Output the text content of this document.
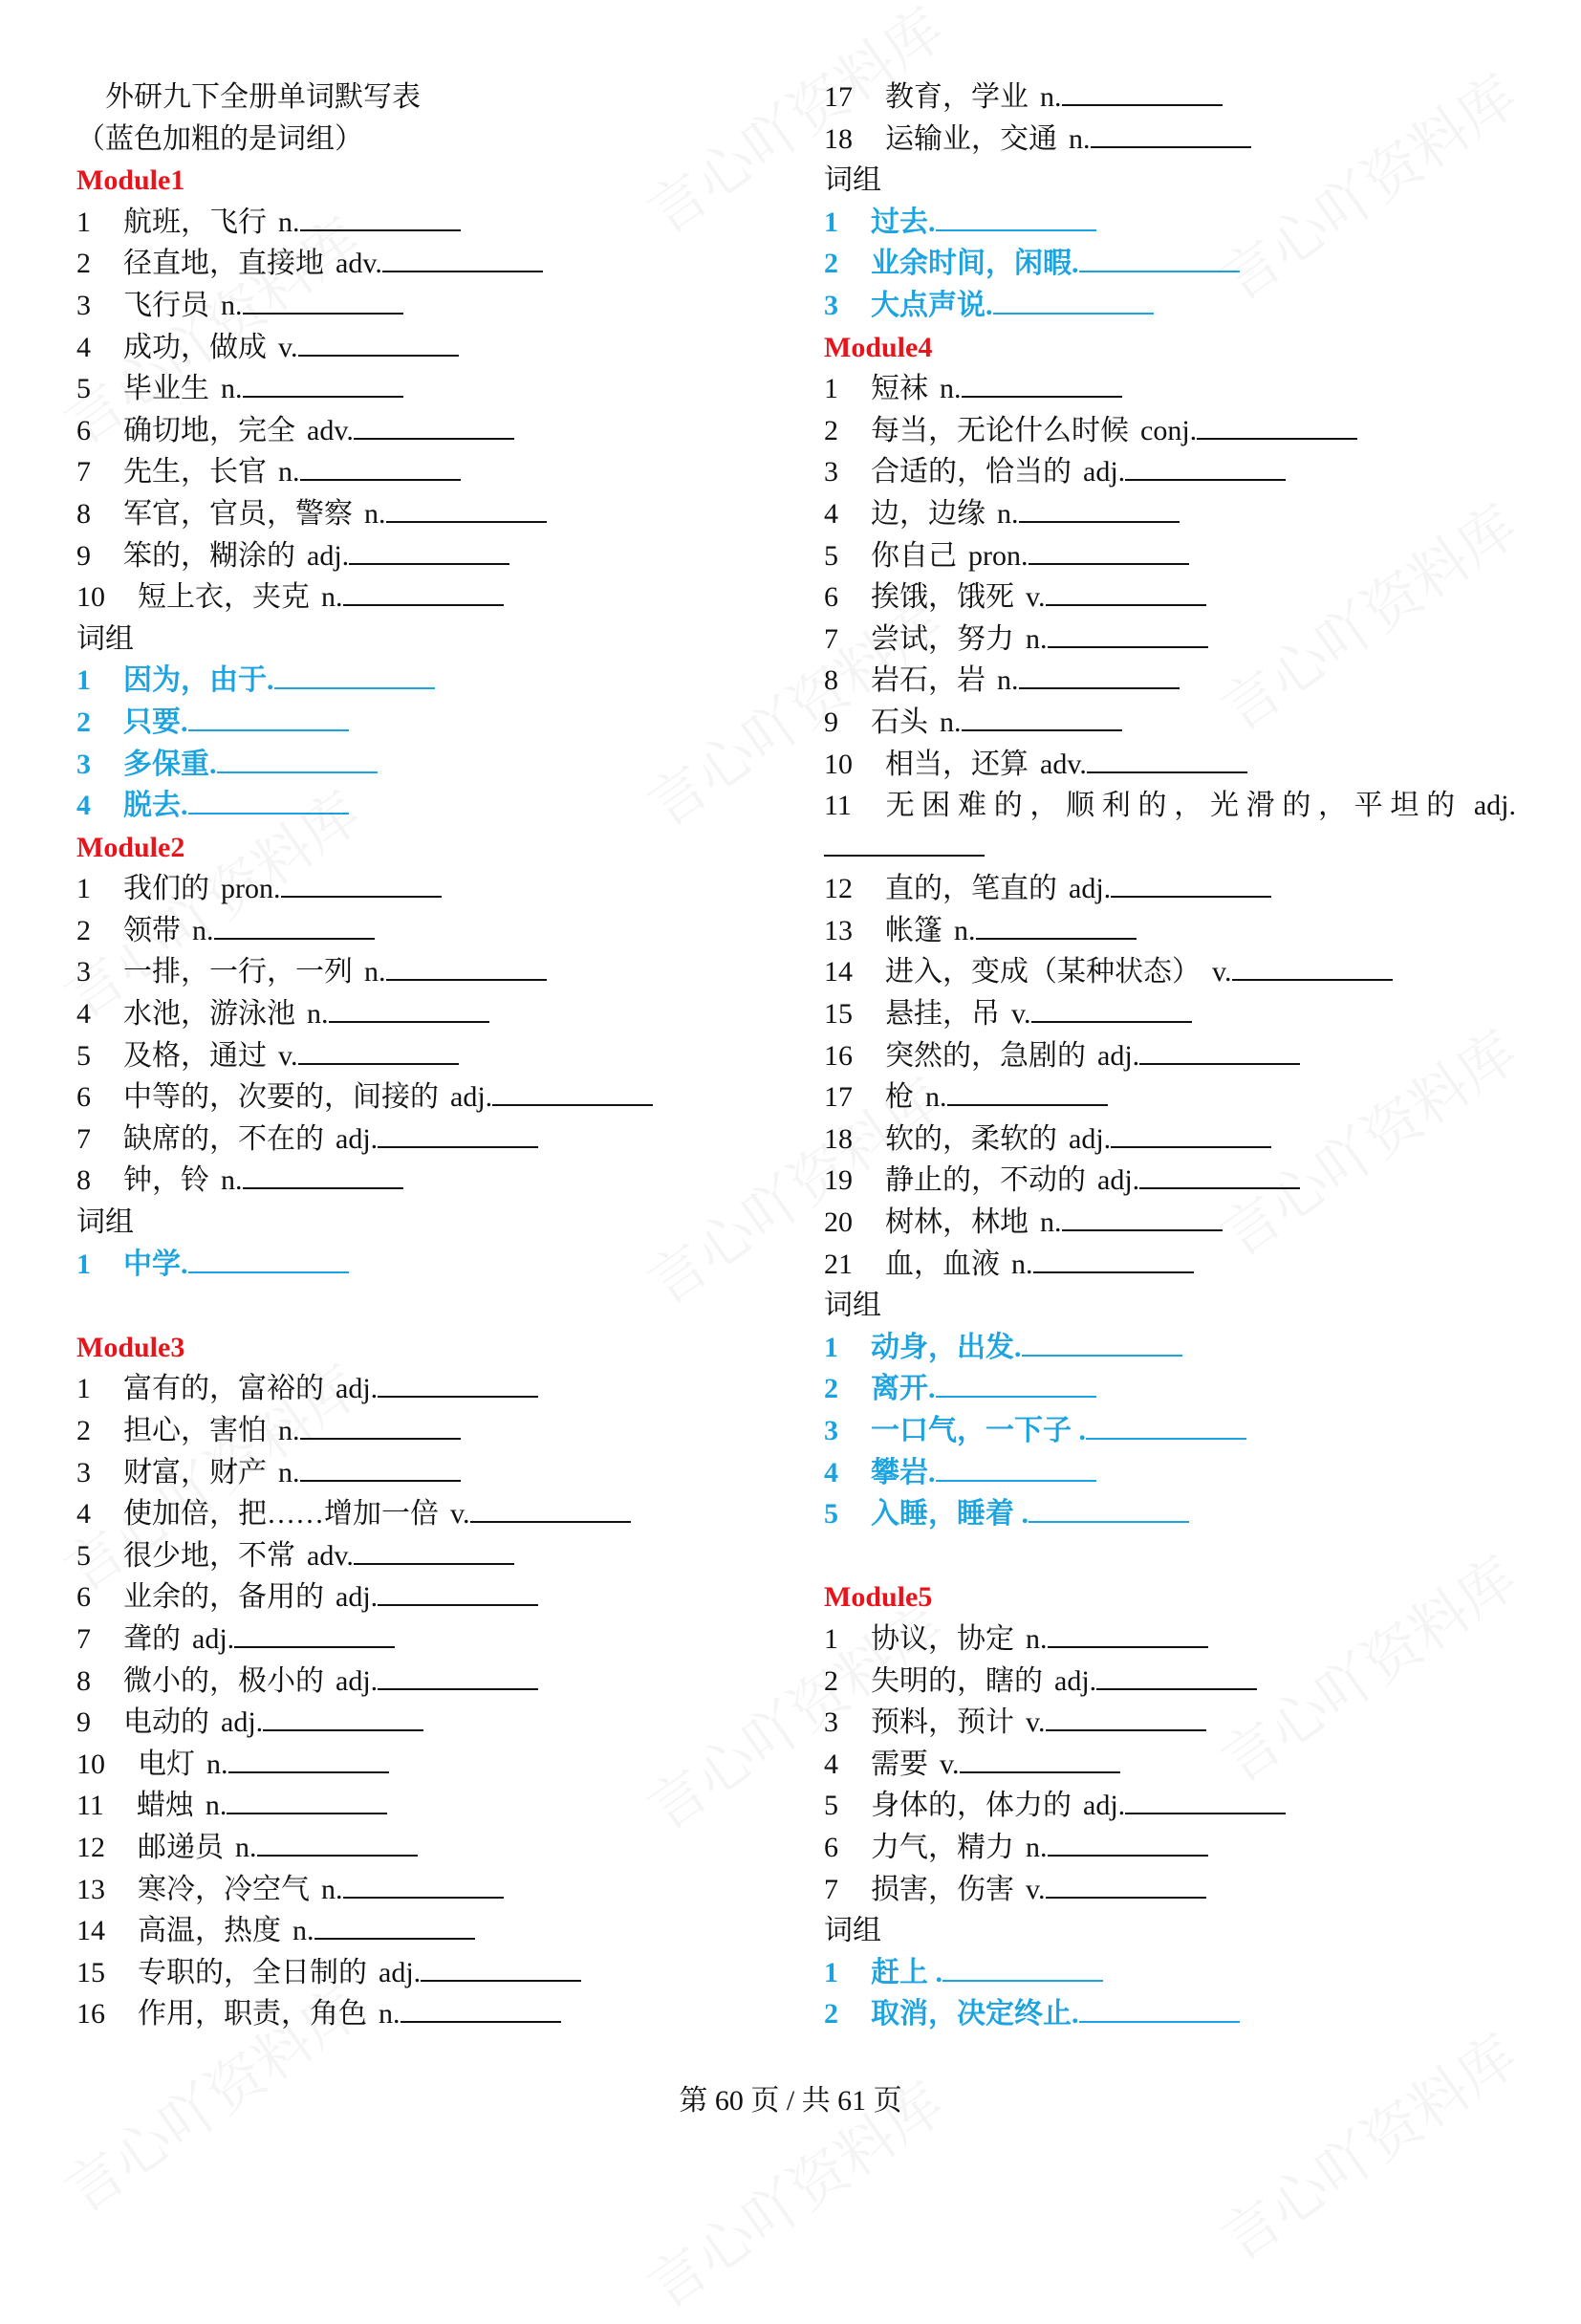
外研九下全册单词默写表
（蓝色加粗的是词组）
Module1
1 航班，飞行 n.
2 径直地，直接地 adv.
3 飞行员 n.
4 成功，做成 v.
5 毕业生 n.
6 确切地，完全 adv.
7 先生，长官 n.
8 军官，官员，警察 n.
9 笨的，糊涂的 adj.
10 短上衣，夹克 n.
词组
1 因为，由于.
2 只要.
3 多保重.
4 脱去.
Module2
1 我们的 pron.
2 领带 n.
3 一排，一行，一列 n.
4 水池，游泳池 n.
5 及格，通过 v.
6 中等的，次要的，间接的 adj.
7 缺席的，不在的 adj.
8 钟，铃 n.
词组
1 中学.
Module3
1 富有的，富裕的 adj.
2 担心，害怕 n.
3 财富，财产 n.
4 使加倍，把……增加一倍 v.
5 很少地，不常 adv.
6 业余的，备用的 adj.
7 聋的 adj.
8 微小的，极小的 adj.
9 电动的 adj.
10 电灯 n.
11 蜡烛 n.
12 邮递员 n.
13 寒冷，冷空气 n.
14 高温，热度 n.
15 专职的，全日制的 adj.
16 作用，职责，角色 n.
17 教育，学业 n.
18 运输业，交通 n.
词组
1 过去.
2 业余时间，闲暇.
3 大点声说.
Module4
1 短袜 n.
2 每当，无论什么时候 conj.
3 合适的，恰当的 adj.
4 边，边缘 n.
5 你自己 pron.
6 挨饿，饿死 v.
7 尝试，努力 n.
8 岩石，岩 n.
9 石头 n.
10 相当，还算 adv.
11 无困难的，顺利的，光滑的，平坦的 adj.
12 直的，笔直的 adj.
13 帐篷 n.
14 进入，变成（某种状态） v.
15 悬挂，吊 v.
16 突然的，急剧的 adj.
17 枪 n.
18 软的，柔软的 adj.
19 静止的，不动的 adj.
20 树林，林地 n.
21 血，血液 n.
词组
1 动身，出发.
2 离开.
3 一口气，一下子 .
4 攀岩.
5 入睡，睡着 .
Module5
1 协议，协定 n.
2 失明的，瞎的 adj.
3 预料，预计 v.
4 需要 v.
5 身体的，体力的 adj.
6 力气，精力 n.
7 损害，伤害 v.
词组
1 赶上 .
2 取消，决定终止.
第 60 页 / 共 61 页
